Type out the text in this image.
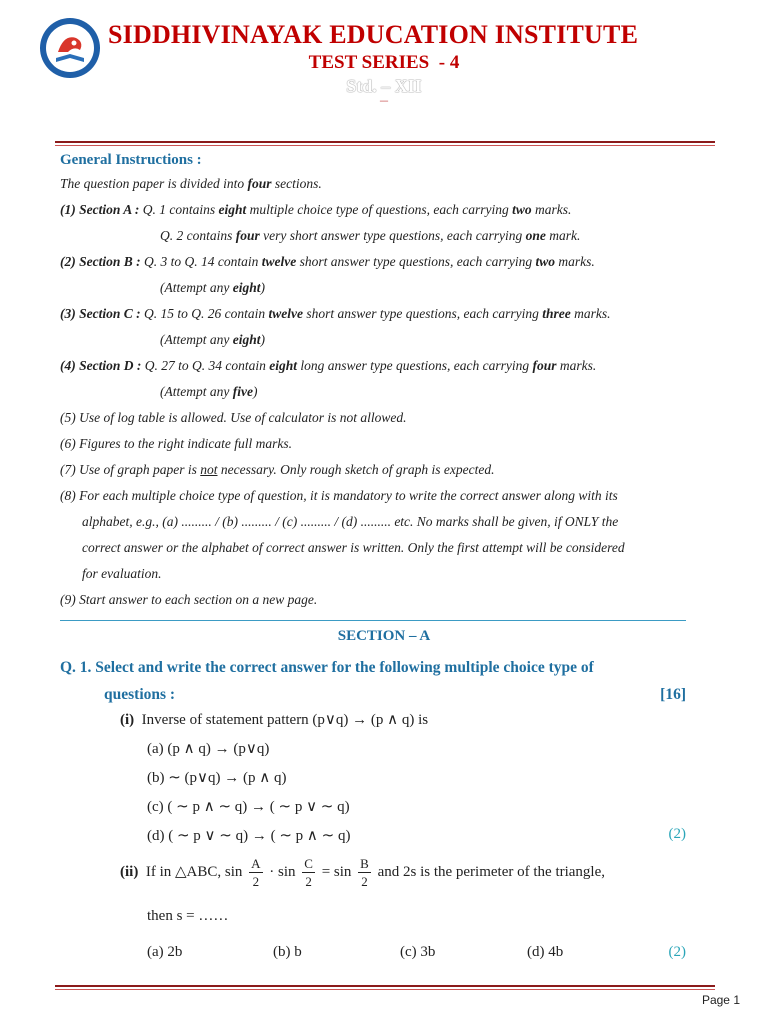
SIDDHIVINAYAK EDUCATION INSTITUTE
TEST SERIES  - 4
Std. – XII
–
General Instructions :
The question paper is divided into four sections.
(1) Section A : Q. 1 contains eight multiple choice type of questions, each carrying two marks.
Q. 2 contains four very short answer type questions, each carrying one mark.
(2) Section B : Q. 3 to Q. 14 contain twelve short answer type questions, each carrying two marks.
(Attempt any eight)
(3) Section C : Q. 15 to Q. 26 contain twelve short answer type questions, each carrying three marks.
(Attempt any eight)
(4) Section D : Q. 27 to Q. 34 contain eight long answer type questions, each carrying four marks.
(Attempt any five)
(5) Use of log table is allowed. Use of calculator is not allowed.
(6) Figures to the right indicate full marks.
(7) Use of graph paper is not necessary. Only rough sketch of graph is expected.
(8) For each multiple choice type of question, it is mandatory to write the correct answer along with its
alphabet, e.g., (a) ......... / (b) ......... / (c) ......... / (d) ......... etc. No marks shall be given, if ONLY the
correct answer or the alphabet of correct answer is written. Only the first attempt will be considered
for evaluation.
(9) Start answer to each section on a new page.
SECTION – A
Q. 1. Select and write the correct answer for the following multiple choice type of
questions :	[16]
(i) Inverse of statement pattern (p∨q) → (p ∧ q) is
(a) (p ∧ q) → (p∨q)
(b) ∼ (p∨q) → (p ∧ q)
(c) ( ∼ p ∧ ∼ q) → ( ∼ p ∨ ∼ q)
(d) ( ∼ p ∨ ∼ q) → ( ∼ p ∧ ∼ q)	(2)
(ii) If in △ABC, $\sin \frac{A}{2} \cdot \sin \frac{C}{2} = \sin \frac{B}{2}$ and 2s is the perimeter of the triangle,
then s = ……
(a) 2b	(b) b	(c) 3b	(d) 4b	(2)
Page 1
